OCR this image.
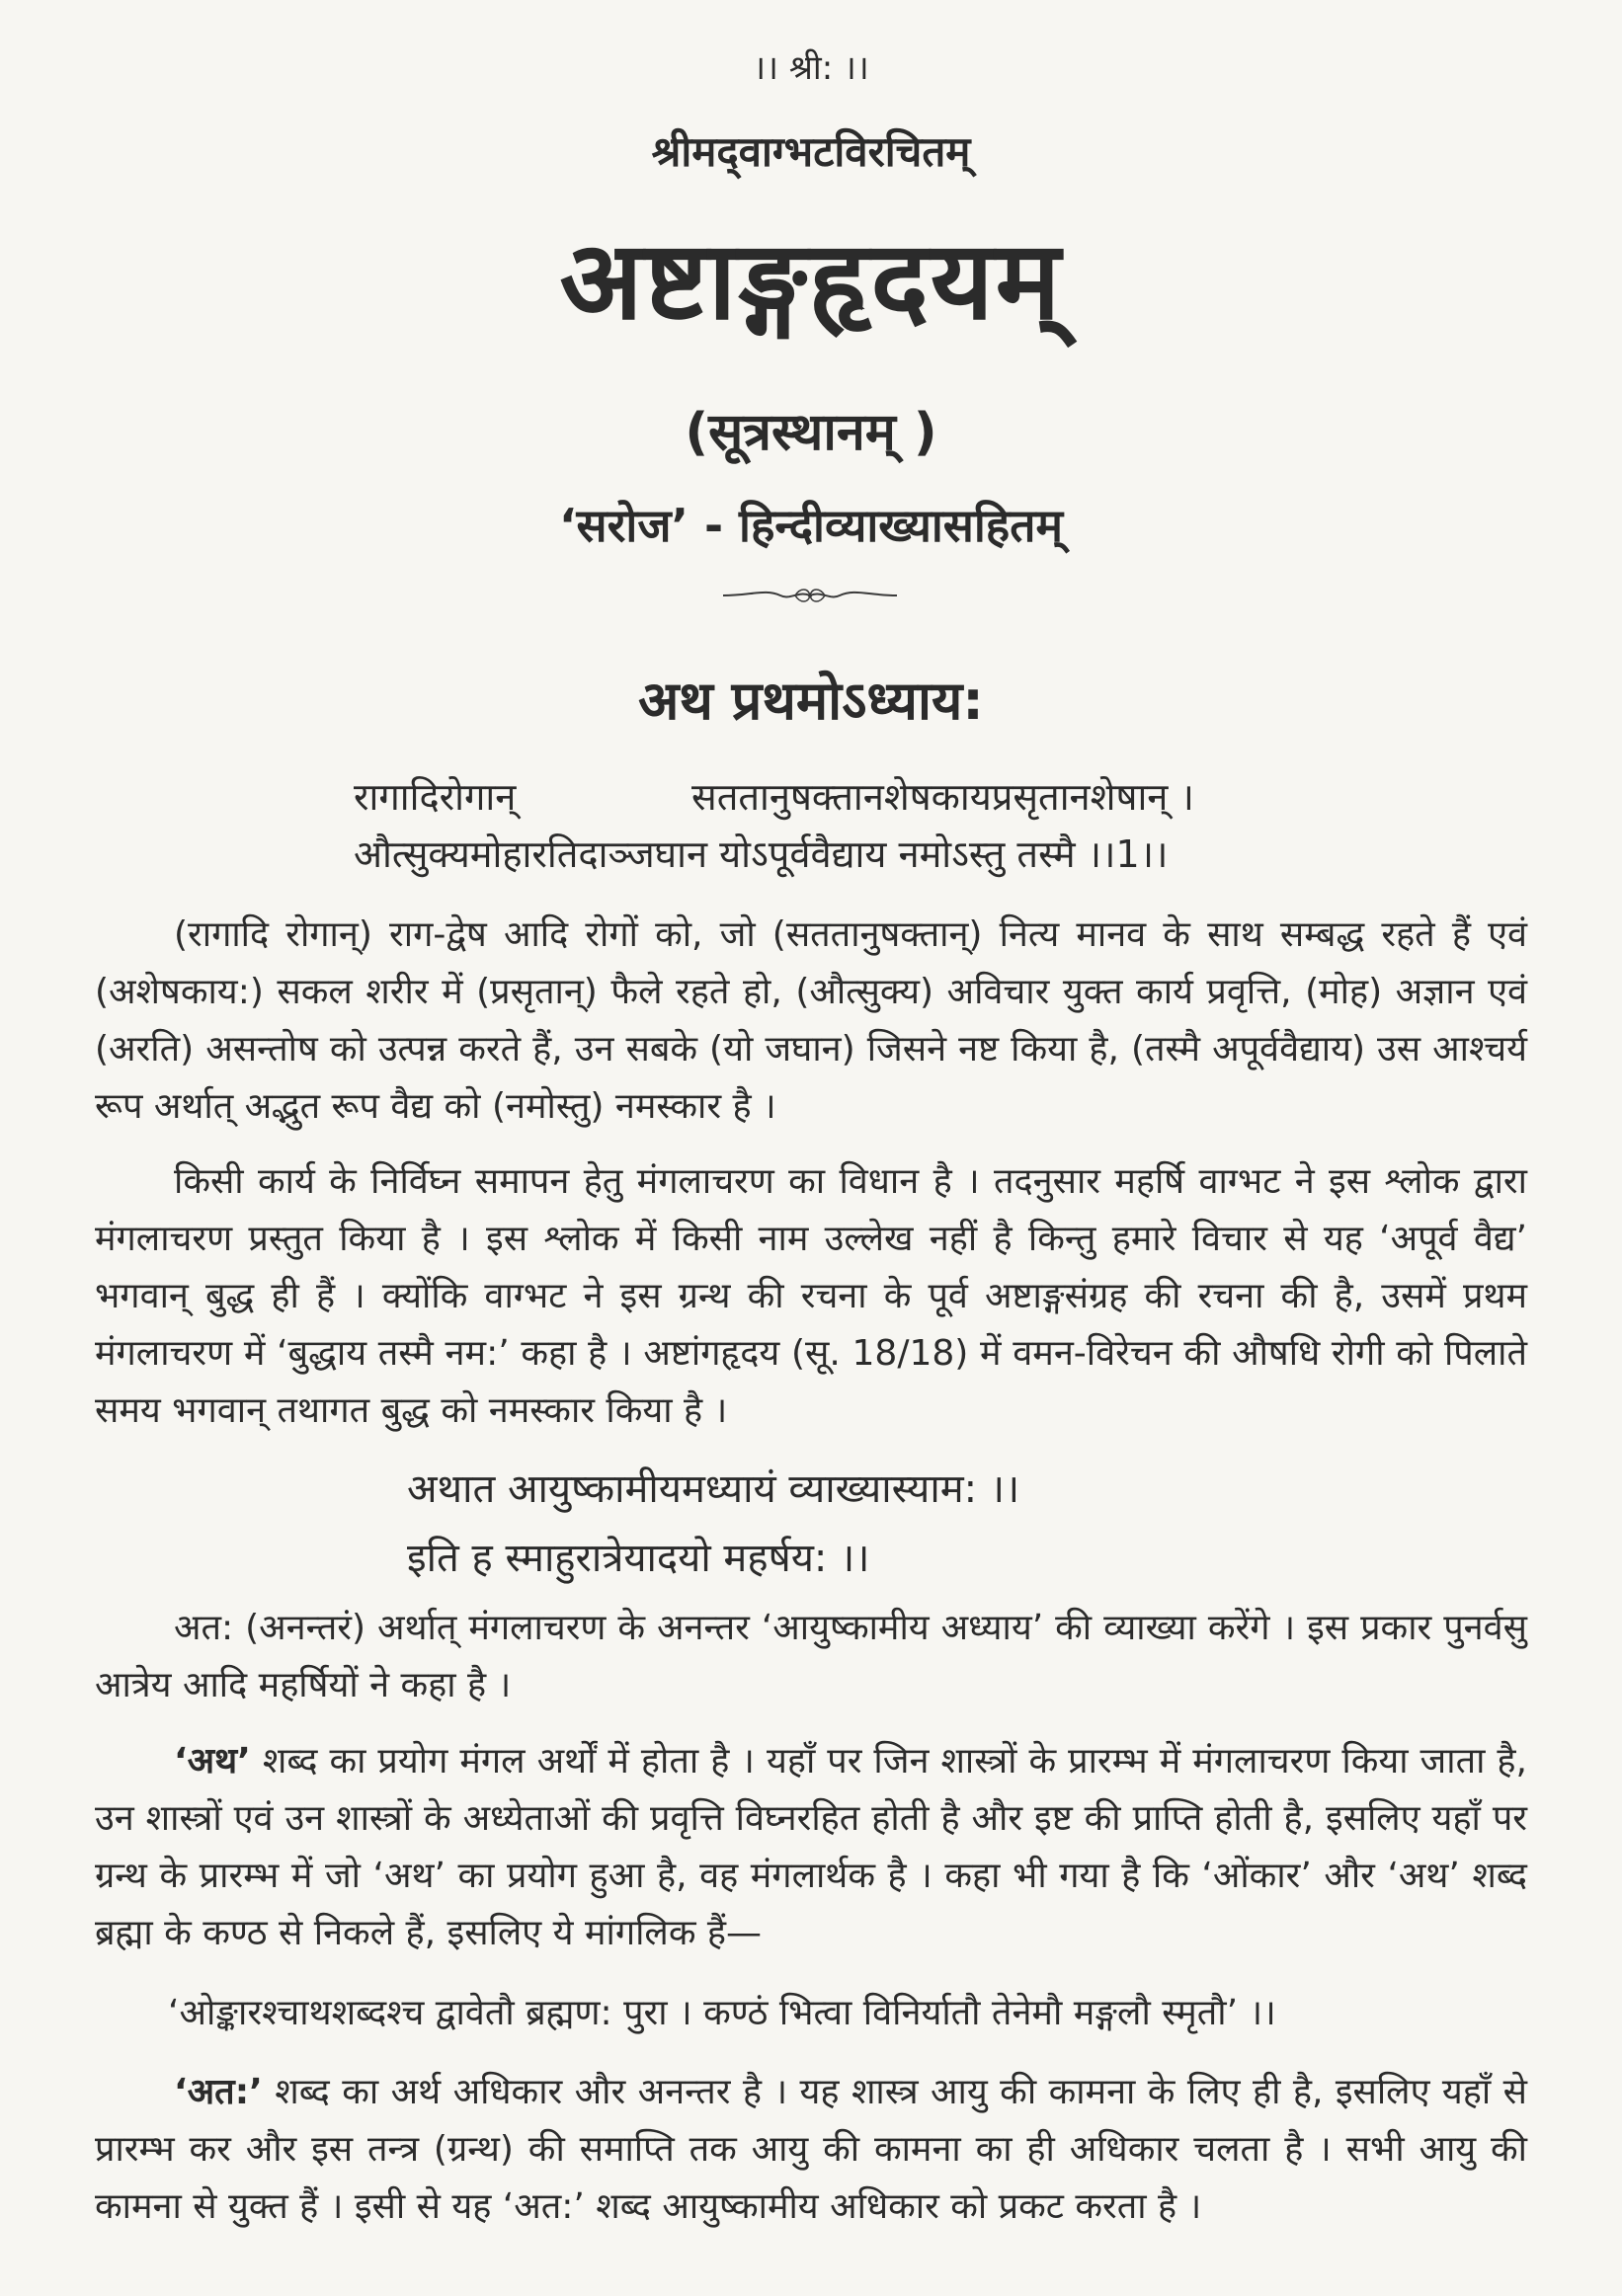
।। श्री: ।।
श्रीमद्‌वाग्भटविरचितम्
अष्टाङ्गहृदयम्
(सूत्रस्थानम् )
‘सरोज’ - हिन्दीव्याख्यासहितम्
अथ प्रथमोऽध्याय:
रागादिरोगान्	सततानुषक्तानशेषकायप्रसृतानशेषान् ।
औत्सुक्यमोहारतिदाञ्जघान योऽपूर्ववैद्याय नमोऽस्तु तस्मै ।।1।।
(रागादि रोगान्) राग-द्वेष आदि रोगों को, जो (सततानुषक्तान्) नित्य मानव के साथ सम्बद्ध रहते हैं एवं (अशेषकाय:) सकल शरीर में (प्रसृतान्) फैले रहते हो, (औत्सुक्य) अविचार युक्त कार्य प्रवृत्ति, (मोह) अज्ञान एवं (अरति) असन्तोष को उत्पन्न करते हैं, उन सबके (यो जघान) जिसने नष्ट किया है, (तस्मै अपूर्ववैद्याय) उस आश्चर्य रूप अर्थात् अद्भुत रूप वैद्य को (नमोस्तु) नमस्कार है ।
किसी कार्य के निर्विघ्न समापन हेतु मंगलाचरण का विधान है । तदनुसार महर्षि वाग्भट ने इस श्लोक द्वारा मंगलाचरण प्रस्तुत किया है । इस श्लोक में किसी नाम उल्लेख नहीं है किन्तु हमारे विचार से यह ‘अपूर्व वैद्य’ भगवान् बुद्ध ही हैं । क्योंकि वाग्भट ने इस ग्रन्थ की रचना के पूर्व अष्टाङ्गसंग्रह की रचना की है, उसमें प्रथम मंगलाचरण में ‘बुद्धाय तस्मै नम:’ कहा है । अष्टांगहृदय (सू. 18/18) में वमन-विरेचन की औषधि रोगी को पिलाते समय भगवान् तथागत बुद्ध को नमस्कार किया है ।
अथात आयुष्कामीयमध्यायं व्याख्यास्याम: ।।
इति ह स्माहुरात्रेयादयो महर्षय: ।।
अत: (अनन्तरं) अर्थात् मंगलाचरण के अनन्तर ‘आयुष्कामीय अध्याय’ की व्याख्या करेंगे । इस प्रकार पुनर्वसु आत्रेय आदि महर्षियों ने कहा है ।
‘अथ’ शब्द का प्रयोग मंगल अर्थों में होता है । यहाँ पर जिन शास्त्रों के प्रारम्भ में मंगलाचरण किया जाता है, उन शास्त्रों एवं उन शास्त्रों के अध्येताओं की प्रवृत्ति विघ्नरहित होती है और इष्ट की प्राप्ति होती है, इसलिए यहाँ पर ग्रन्थ के प्रारम्भ में जो ‘अथ’ का प्रयोग हुआ है, वह मंगलार्थक है । कहा भी गया है कि ‘ओंकार’ और ‘अथ’ शब्द ब्रह्मा के कण्ठ से निकले हैं, इसलिए ये मांगलिक हैं—
‘ओङ्कारश्चाथशब्दश्च द्वावेतौ ब्रह्मण: पुरा । कण्ठं भित्वा विनिर्यातौ तेनेमौ मङ्गलौ स्मृतौ’ ।।
‘अत:’ शब्द का अर्थ अधिकार और अनन्तर है । यह शास्त्र आयु की कामना के लिए ही है, इसलिए यहाँ से प्रारम्भ कर और इस तन्त्र (ग्रन्थ) की समाप्ति तक आयु की कामना का ही अधिकार चलता है । सभी आयु की कामना से युक्त हैं । इसी से यह ‘अत:’ शब्द आयुष्कामीय अधिकार को प्रकट करता है ।
